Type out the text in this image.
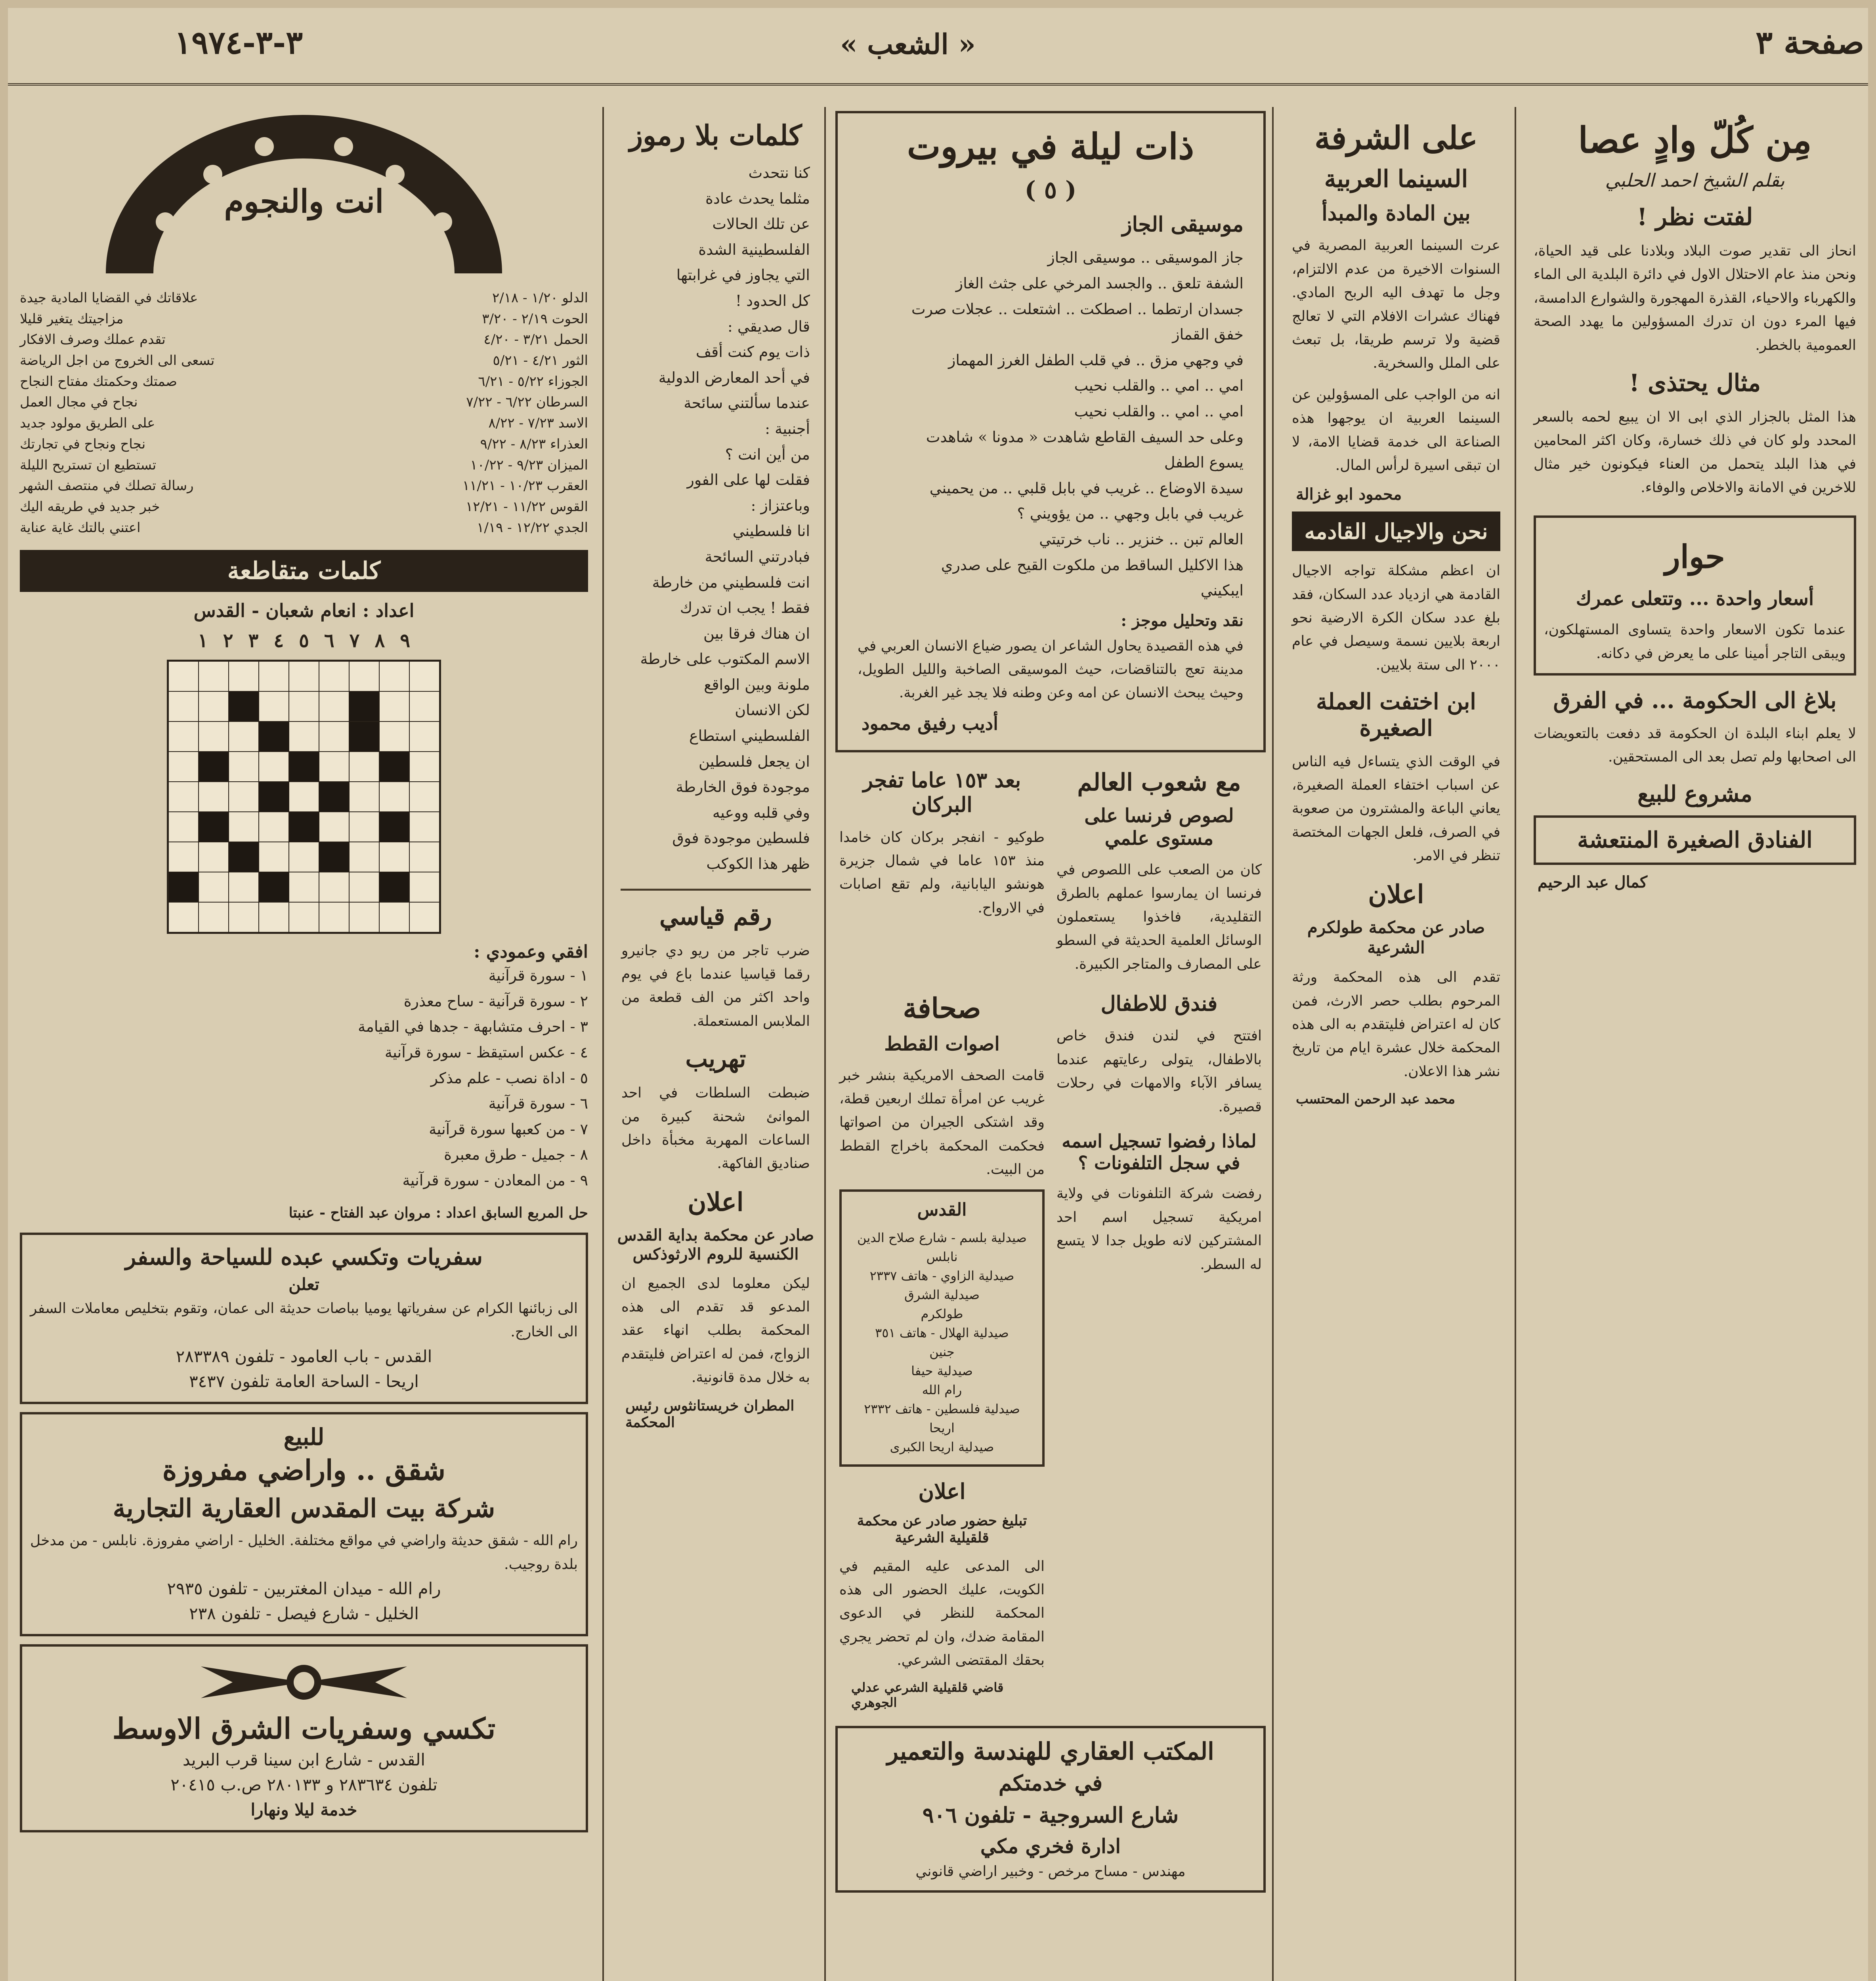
صفحة ٣
« الشعب »
٣-٣-١٩٧٤
مِن كُلّ وادٍ عصا
بقلم الشيخ احمد الحلبي
لفتت نظر !
انحاز الى تقدير صوت البلاد وبلادنا على قيد الحياة، ونحن منذ عام الاحتلال الاول في دائرة البلدية الى الماء والكهرباء والاحياء، القذرة المهجورة والشوارع الدامسة، فيها المرء دون ان تدرك المسؤولين ما يهدد الصحة العمومية بالخطر.
مثال يحتذى !
هذا المثل بالجزار الذي ابى الا ان يبيع لحمه بالسعر المحدد ولو كان في ذلك خسارة، وكان اكثر المحامين في هذا البلد يتحمل من العناء فيكونون خير مثال للاخرين في الامانة والاخلاص والوفاء.
حوار
أسعار واحدة ... وتتعلى عمرك
عندما تكون الاسعار واحدة يتساوى المستهلكون، ويبقى التاجر أمينا على ما يعرض في دكانه.
بلاغ الى الحكومة ... في الفرق
لا يعلم ابناء البلدة ان الحكومة قد دفعت بالتعويضات الى اصحابها ولم تصل بعد الى المستحقين.
مشروع للبيع
الفنادق الصغيرة المنتعشة
كمال عبد الرحيم
على الشرفة
السينما العربية
بين المادة والمبدأ
عرت السينما العربية المصرية في السنوات الاخيرة من عدم الالتزام، وجل ما تهدف اليه الربح المادي. فهناك عشرات الافلام التي لا تعالج قضية ولا ترسم طريقا، بل تبعث على الملل والسخرية.
انه من الواجب على المسؤولين عن السينما العربية ان يوجهوا هذه الصناعة الى خدمة قضايا الامة، لا ان تبقى اسيرة لرأس المال.
محمود ابو غزالة
نحن والاجيال القادمه
ان اعظم مشكلة تواجه الاجيال القادمة هي ازدياد عدد السكان، فقد بلغ عدد سكان الكرة الارضية نحو اربعة بلايين نسمة وسيصل في عام ٢٠٠٠ الى ستة بلايين.
ابن اختفت العملة الصغيرة
في الوقت الذي يتساءل فيه الناس عن اسباب اختفاء العملة الصغيرة، يعاني الباعة والمشترون من صعوبة في الصرف، فلعل الجهات المختصة تنظر في الامر.
اعلان
صادر عن محكمة طولكرم الشرعية
تقدم الى هذه المحكمة ورثة المرحوم بطلب حصر الارث، فمن كان له اعتراض فليتقدم به الى هذه المحكمة خلال عشرة ايام من تاريخ نشر هذا الاعلان.
محمد عبد الرحمن المحتسب
ذات ليلة في بيروت
( ٥ )
موسيقى الجاز
جاز الموسيقى .. موسيقى الجاز
الشفة تلعق .. والجسد المرخي على جثث الغاز
جسدان ارتطما .. اصطكت .. اشتعلت .. عجلات صرت
خفق القماز
في وجهي مزق .. في قلب الطفل الغرز المهماز
امي .. امي .. والقلب نحيب
امي .. امي .. والقلب نحيب
وعلى حد السيف القاطع شاهدت « مدونا » شاهدت
يسوع الطفل
سيدة الاوضاع .. غريب في بابل قلبي .. من يحميني
غريب في بابل وجهي .. من يؤويني ؟
العالم تبن .. خنزير .. ناب خرتيتي
هذا الاكليل الساقط من ملكوت القيح على صدري
ايبكيني
نقد وتحليل موجز :
في هذه القصيدة يحاول الشاعر ان يصور ضياع الانسان العربي في مدينة تعج بالتناقضات، حيث الموسيقى الصاخبة والليل الطويل، وحيث يبحث الانسان عن امه وعن وطنه فلا يجد غير الغربة.
أديب رفيق محمود
مع شعوب العالم
لصوص فرنسا على مستوى علمي
كان من الصعب على اللصوص في فرنسا ان يمارسوا عملهم بالطرق التقليدية، فاخذوا يستعملون الوسائل العلمية الحديثة في السطو على المصارف والمتاجر الكبيرة.
بعد ١٥٣ عاما تفجر البركان
طوكيو - انفجر بركان كان خامدا منذ ١٥٣ عاما في شمال جزيرة هونشو اليابانية، ولم تقع اصابات في الارواح.
فندق للاطفال
افتتح في لندن فندق خاص بالاطفال، يتولى رعايتهم عندما يسافر الآباء والامهات في رحلات قصيرة.
لماذا رفضوا تسجيل اسمه في سجل التلفونات ؟
رفضت شركة التلفونات في ولاية امريكية تسجيل اسم احد المشتركين لانه طويل جدا لا يتسع له السطر.
صحافة
اصوات القطط
قامت الصحف الامريكية بنشر خبر غريب عن امرأة تملك اربعين قطة، وقد اشتكى الجيران من اصواتها فحكمت المحكمة باخراج القطط من البيت.
القدس
صيدلية بلسم - شارع صلاح الدين
نابلس
صيدلية الزاوي - هاتف ٢٣٣٧
صيدلية الشرق
طولكرم
صيدلية الهلال - هاتف ٣٥١
جنين
صيدلية حيفا
رام الله
صيدلية فلسطين - هاتف ٢٣٣٢
اريحا
صيدلية اريحا الكبرى
اعلان
تبليغ حضور صادر عن محكمة قلقيلية الشرعية
الى المدعى عليه المقيم في الكويت، عليك الحضور الى هذه المحكمة للنظر في الدعوى المقامة ضدك، وان لم تحضر يجري بحقك المقتضى الشرعي.
قاضي قلقيلية الشرعي عدلي الجوهري
المكتب العقاري للهندسة والتعمير
في خدمتكم
شارع السروجية - تلفون ٩٠٦
ادارة فخري مكي
مهندس - مساح مرخص - وخبير اراضي قانوني
كلمات بلا رموز
كنا نتحدث
مثلما يحدث عادة
عن تلك الحالات
الفلسطينية الشدة
التي يجاوز في غرابتها
كل الحدود !
قال صديقي :
ذات يوم كنت أقف
في أحد المعارض الدولية
عندما سألتني سائحة
أجنبية :
من أين انت ؟
فقلت لها على الفور
وباعتزاز :
انا فلسطيني
فبادرتني السائحة
انت فلسطيني من خارطة
فقط ! يجب ان تدرك
ان هناك فرقا بين
الاسم المكتوب على خارطة
ملونة وبين الواقع
لكن الانسان
الفلسطيني استطاع
ان يجعل فلسطين
موجودة فوق الخارطة
وفي قلبه ووعيه
فلسطين موجودة فوق
ظهر هذا الكوكب
رقم قياسي
ضرب تاجر من ريو دي جانيرو رقما قياسيا عندما باع في يوم واحد اكثر من الف قطعة من الملابس المستعملة.
تهريب
ضبطت السلطات في احد الموانئ شحنة كبيرة من الساعات المهربة مخبأة داخل صناديق الفاكهة.
اعلان
صادر عن محكمة بداية القدس الكنسية للروم الارثوذكس
ليكن معلوما لدى الجميع ان المدعو قد تقدم الى هذه المحكمة بطلب انهاء عقد الزواج، فمن له اعتراض فليتقدم به خلال مدة قانونية.
المطران خريستانثوس رئيس المحكمة
انت والنجوم
الدلو ١/٢٠ - ٢/١٨
علاقاتك في القضايا المادية جيدة
الحوت ٢/١٩ - ٣/٢٠
مزاجيتك يتغير قليلا
الحمل ٣/٢١ - ٤/٢٠
تقدم عملك وصرف الافكار
الثور ٤/٢١ - ٥/٢١
تسعى الى الخروج من اجل الرياضة
الجوزاء ٥/٢٢ - ٦/٢١
صمتك وحكمتك مفتاح النجاح
السرطان ٦/٢٢ - ٧/٢٢
نجاح في مجال العمل
الاسد ٧/٢٣ - ٨/٢٢
على الطريق مولود جديد
العذراء ٨/٢٣ - ٩/٢٢
نجاح ونجاح في تجارتك
الميزان ٩/٢٣ - ١٠/٢٢
تستطيع ان تستريح الليلة
العقرب ١٠/٢٣ - ١١/٢١
رسالة تصلك في منتصف الشهر
القوس ١١/٢٢ - ١٢/٢١
خبر جديد في طريقه اليك
الجدي ١٢/٢٢ - ١/١٩
اعتني بالتك غاية عناية
كلمات متقاطعة
اعداد : انعام شعبان - القدس
١ ٢ ٣ ٤ ٥ ٦ ٧ ٨ ٩
افقي وعمودي :
١ - سورة قرآنية
٢ - سورة قرآنية - ساح معذرة
٣ - احرف متشابهة - جدها في القيامة
٤ - عكس استيقظ - سورة قرآنية
٥ - اداة نصب - علم مذكر
٦ - سورة قرآنية
٧ - من كعبها سورة قرآنية
٨ - جميل - طرق معبرة
٩ - من المعادن - سورة قرآنية
حل المربع السابق اعداد : مروان عبد الفتاح - عنبتا
سفريات وتكسي عبده للسياحة والسفر
تعلن
الى زبائنها الكرام عن سفرياتها يوميا بباصات حديثة الى عمان، وتقوم بتخليص معاملات السفر الى الخارج.
القدس - باب العامود - تلفون ٢٨٣٣٨٩
اريحا - الساحة العامة تلفون ٣٤٣٧
للبيع
شقق .. واراضي مفروزة
شركة بيت المقدس العقارية التجارية
رام الله - شقق حديثة واراضي في مواقع مختلفة. الخليل - اراضي مفروزة. نابلس - من مدخل بلدة روجيب.
رام الله - ميدان المغتربين - تلفون ٢٩٣٥
الخليل - شارع فيصل - تلفون ٢٣٨
تكسي وسفريات الشرق الاوسط
القدس - شارع ابن سينا قرب البريد
تلفون ٢٨٣٦٣٤ و ٢٨٠١٣٣ ص.ب ٢٠٤١٥
خدمة ليلا ونهارا
